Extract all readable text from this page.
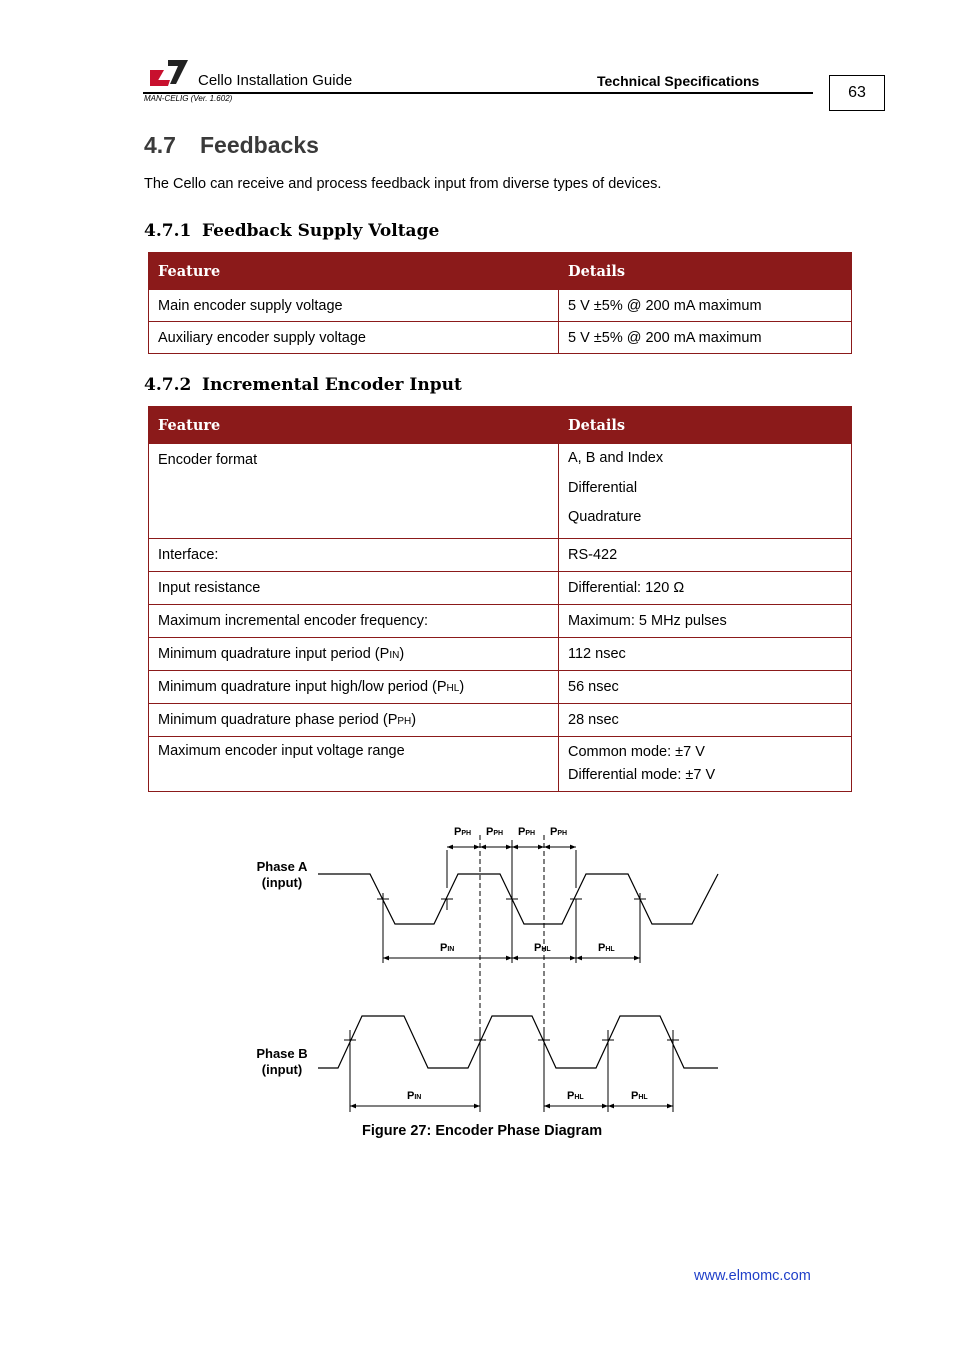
Cello Installation Guide	Technical Specifications
MAN-CELIG (Ver. 1.602)	63
4.7 Feedbacks
The Cello can receive and process feedback input from diverse types of devices.
4.7.1 Feedback Supply Voltage
Feature	Details
Main encoder supply voltage	5 V ±5% @ 200 mA maximum
Auxiliary encoder supply voltage	5 V ±5% @ 200 mA maximum
4.7.2 Incremental Encoder Input
Feature	Details
Encoder format	A, B and Index
Differential
Quadrature

Interface:	RS-422
Input resistance	Differential: 120 Ω
Maximum incremental encoder frequency:	Maximum: 5 MHz pulses
Minimum quadrature input period (PIN)	112 nsec
Minimum quadrature input high/low period (PHL)	56 nsec
Minimum quadrature phase period (PPH)	28 nsec
Maximum encoder input voltage range	Common mode: ±7 V
Differential mode: ±7 V
Phase A
(input)
Phase B
(input)
PPH PPH PPH PPH
PIN	PHL	PHL
PIN	PHL	PHL
Figure 27: Encoder Phase Diagram
www.elmomc.com
